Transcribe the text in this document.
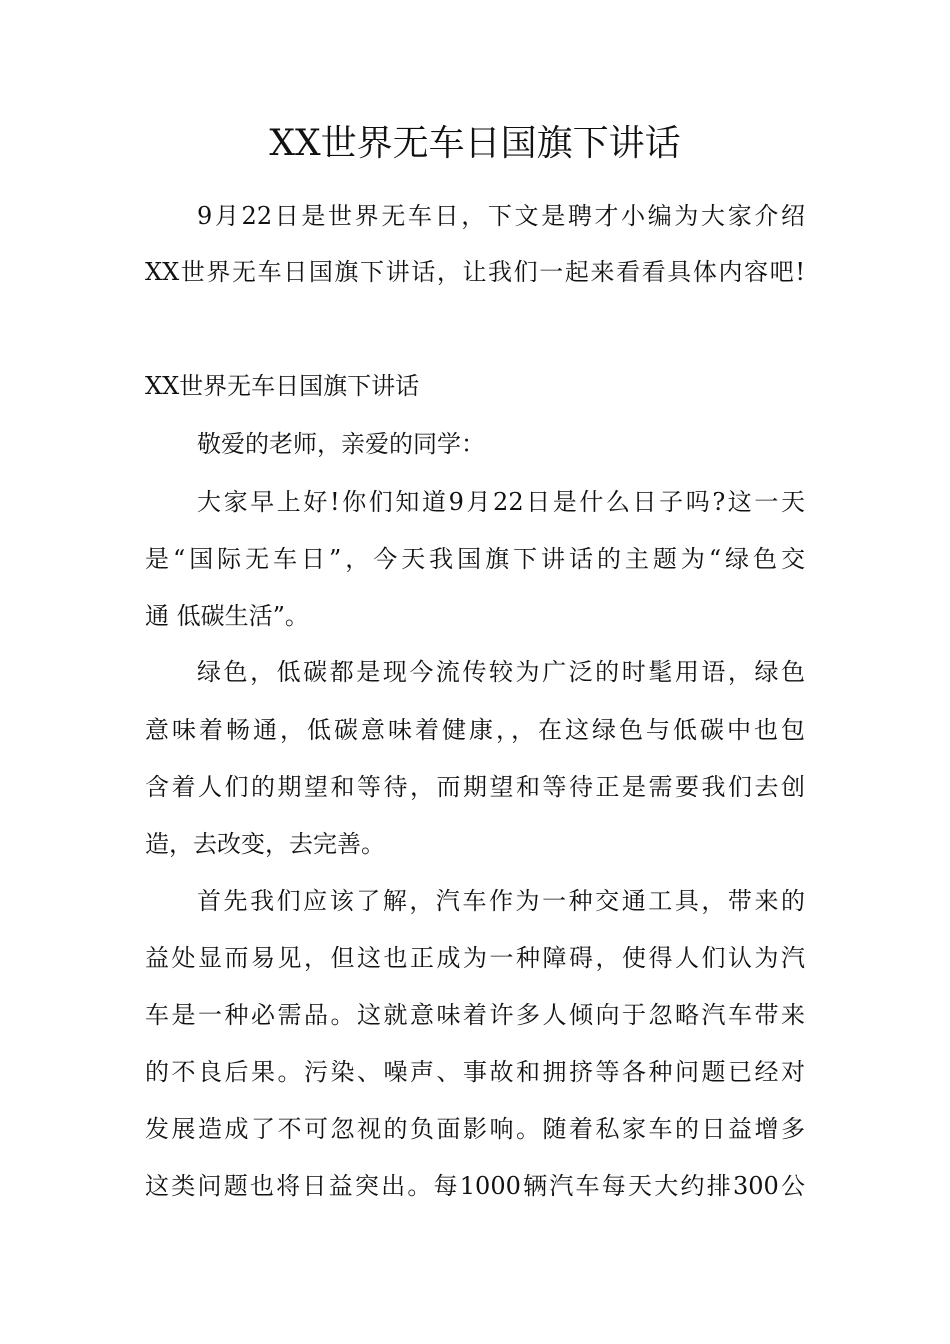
XX世界无车日国旗下讲话
9月22日是世界无车日，下文是聘才小编为大家介绍
XX世界无车日国旗下讲话，让我们一起来看看具体内容吧!
XX世界无车日国旗下讲话
敬爱的老师，亲爱的同学：
大家早上好!你们知道9月22日是什么日子吗?这一天
是“国际无车日”，今天我国旗下讲话的主题为“绿色交
通 低碳生活”。
绿色，低碳都是现今流传较为广泛的时髦用语，绿色
意味着畅通，低碳意味着健康，，在这绿色与低碳中也包
含着人们的期望和等待，而期望和等待正是需要我们去创
造，去改变，去完善。
首先我们应该了解，汽车作为一种交通工具，带来的
益处显而易见，但这也正成为一种障碍，使得人们认为汽
车是一种必需品。这就意味着许多人倾向于忽略汽车带来
的不良后果。污染、噪声、事故和拥挤等各种问题已经对
发展造成了不可忽视的负面影响。随着私家车的日益增多
这类问题也将日益突出。每1000辆汽车每天大约排300公
